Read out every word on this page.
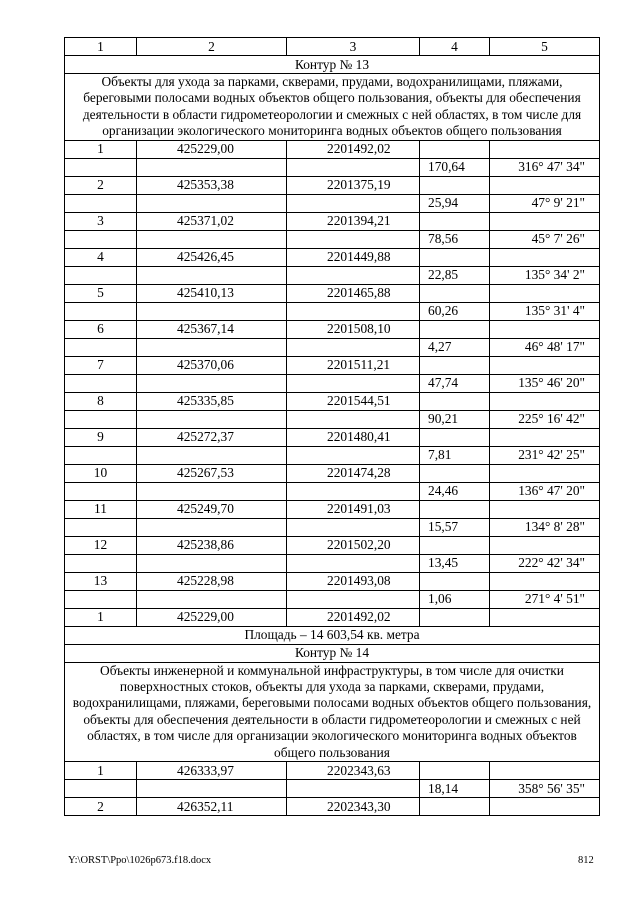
1	2	3	4	5
Контур № 13				
Объекты для ухода за парками, скверами, прудами, водохранилищами, пляжами, береговыми полосами водных объектов общего пользования, объекты для обеспечения деятельности в области гидрометеорологии и смежных с ней областях, в том числе для организации экологического мониторинга водных объектов общего пользования				
1	425229,00	2201492,02		
			170,64	316° 47' 34"
2	425353,38	2201375,19		
			25,94	47° 9' 21"
3	425371,02	2201394,21		
			78,56	45° 7' 26"
4	425426,45	2201449,88		
			22,85	135° 34' 2"
5	425410,13	2201465,88		
			60,26	135° 31' 4"
6	425367,14	2201508,10		
			4,27	46° 48' 17"
7	425370,06	2201511,21		
			47,74	135° 46' 20"
8	425335,85	2201544,51		
			90,21	225° 16' 42"
9	425272,37	2201480,41		
			7,81	231° 42' 25"
10	425267,53	2201474,28		
			24,46	136° 47' 20"
11	425249,70	2201491,03		
			15,57	134° 8' 28"
12	425238,86	2201502,20		
			13,45	222° 42' 34"
13	425228,98	2201493,08		
			1,06	271° 4' 51"
1	425229,00	2201492,02		
Площадь – 14 603,54 кв. метра				
Контур № 14				
Объекты инженерной и коммунальной инфраструктуры, в том числе для очистки поверхностных стоков, объекты для ухода за парками, скверами, прудами, водохранилищами, пляжами, береговыми полосами водных объектов общего пользования, объекты для обеспечения деятельности в области гидрометеорологии и смежных с ней областях, в том числе для организации экологического мониторинга водных объектов общего пользования				
1	426333,97	2202343,63		
			18,14	358° 56' 35"
2	426352,11	2202343,30		
Y:\ORST\Ppo\1026p673.f18.docx	812
